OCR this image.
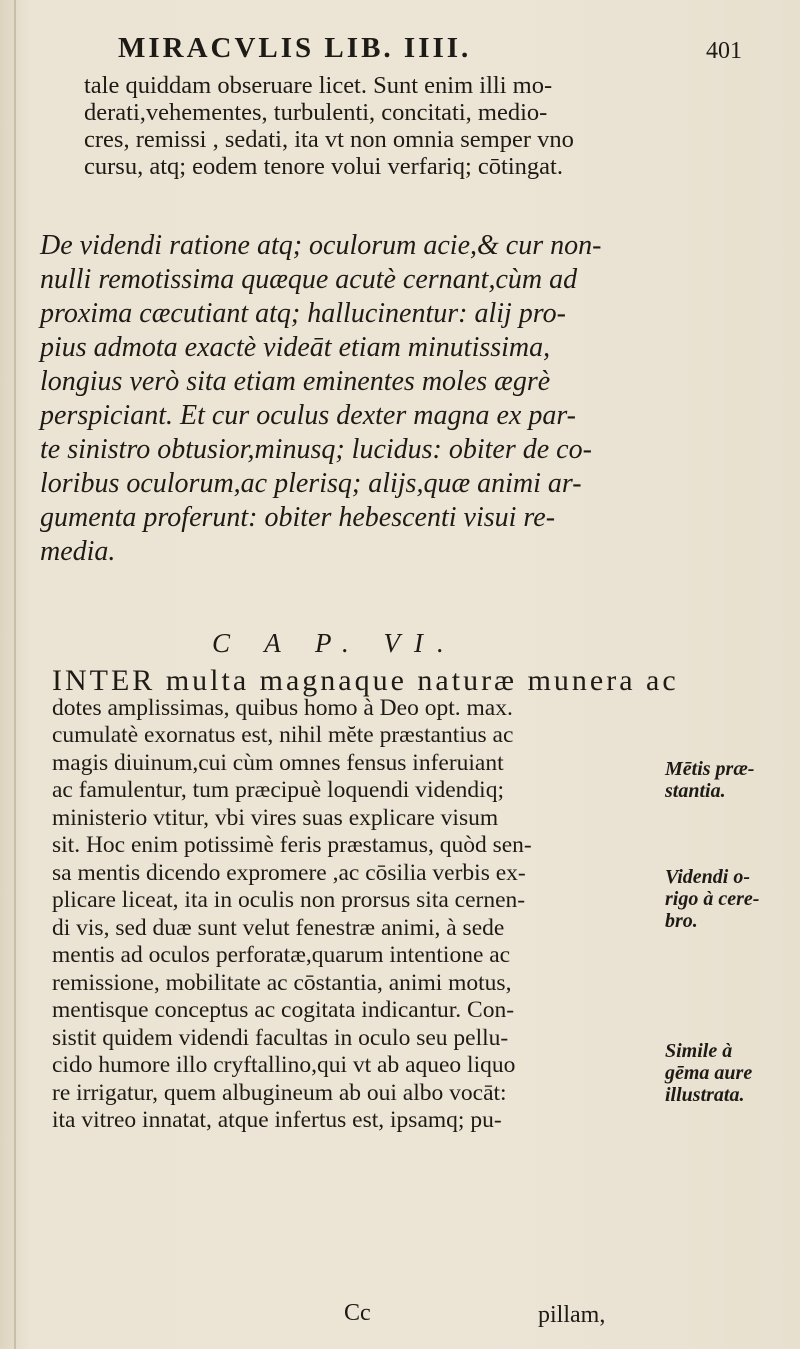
MIRACVLIS LIB. IIII.	401
tale quiddam obseruare licet. Sunt enim illi mo-
derati,vehementes, turbulenti, concitati, medio-
cres, remissi , sedati, ita vt non omnia semper vno
cursu, atq; eodem tenore volui verfariq; cōtingat.
De videndi ratione atq; oculorum acie,& cur non-
nulli remotissima quæque acutè cernant,cùm ad
proxima cæcutiant atq; hallucinentur: alij pro-
pius admota exactè videāt etiam minutissima,
longius verò sita etiam eminentes moles ægrè
perspiciant. Et cur oculus dexter magna ex par-
te sinistro obtusior,minusq; lucidus: obiter de co-
loribus oculorum,ac plerisq; alijs,quæ animi ar-
gumenta proferunt: obiter hebescenti visui re-
media.
C A P. VI.
INTER multa magnaque naturæ munera ac
dotes amplissimas, quibus homo à Deo opt. max.
cumulatè exornatus est, nihil mĕte præstantius ac
magis diuinum,cui cùm omnes fensus inferuiant
ac famulentur, tum præcipuè loquendi videndiq;
ministerio vtitur, vbi vires suas explicare visum
sit. Hoc enim potissimè feris præstamus, quòd sen-
sa mentis dicendo expromere ,ac cōsilia verbis ex-
plicare liceat, ita in oculis non prorsus sita cernen-
di vis, sed duæ sunt velut fenestræ animi, à sede
mentis ad oculos perforatæ,quarum intentione ac
remissione, mobilitate ac cōstantia, animi motus,
mentisque conceptus ac cogitata indicantur. Con-
sistit quidem videndi facultas in oculo seu pellu-
cido humore illo cryftallino,qui vt ab aqueo liquo
re irrigatur, quem albugineum ab oui albo vocāt:
ita vitreo innatat, atque infertus est, ipsamq; pu-
Mētis præ-
stantia.
Videndi o-
rigo à cere-
bro.
Simile à
gēma aure
illustrata.
Cc	pillam,
